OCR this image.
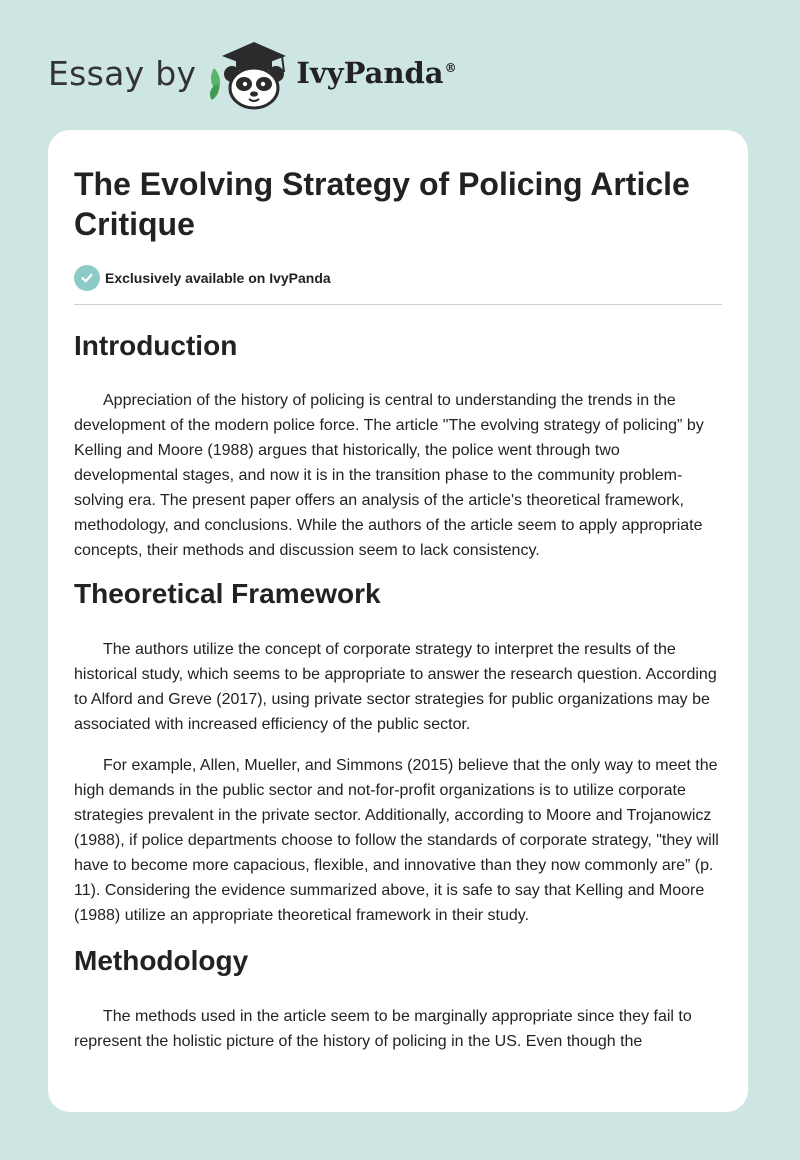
Essay by	IvyPanda®
The Evolving Strategy of Policing Article Critique
Exclusively available on IvyPanda
Introduction

Appreciation of the history of policing is central to understanding the trends in the development of the modern police force. The article "The evolving strategy of policing” by Kelling and Moore (1988) argues that historically, the police went through two developmental stages, and now it is in the transition phase to the community problem-solving era. The present paper offers an analysis of the article's theoretical framework, methodology, and conclusions. While the authors of the article seem to apply appropriate concepts, their methods and discussion seem to lack consistency.

Theoretical Framework

The authors utilize the concept of corporate strategy to interpret the results of the historical study, which seems to be appropriate to answer the research question. According to Alford and Greve (2017), using private sector strategies for public organizations may be associated with increased efficiency of the public sector.

For example, Allen, Mueller, and Simmons (2015) believe that the only way to meet the high demands in the public sector and not-for-profit organizations is to utilize corporate strategies prevalent in the private sector. Additionally, according to Moore and Trojanowicz (1988), if police departments choose to follow the standards of corporate strategy, "they will have to become more capacious, flexible, and innovative than they now commonly are” (p. 11). Considering the evidence summarized above, it is safe to say that Kelling and Moore (1988) utilize an appropriate theoretical framework in their study.

Methodology

The methods used in the article seem to be marginally appropriate since they fail to represent the holistic picture of the history of policing in the US. Even though the
